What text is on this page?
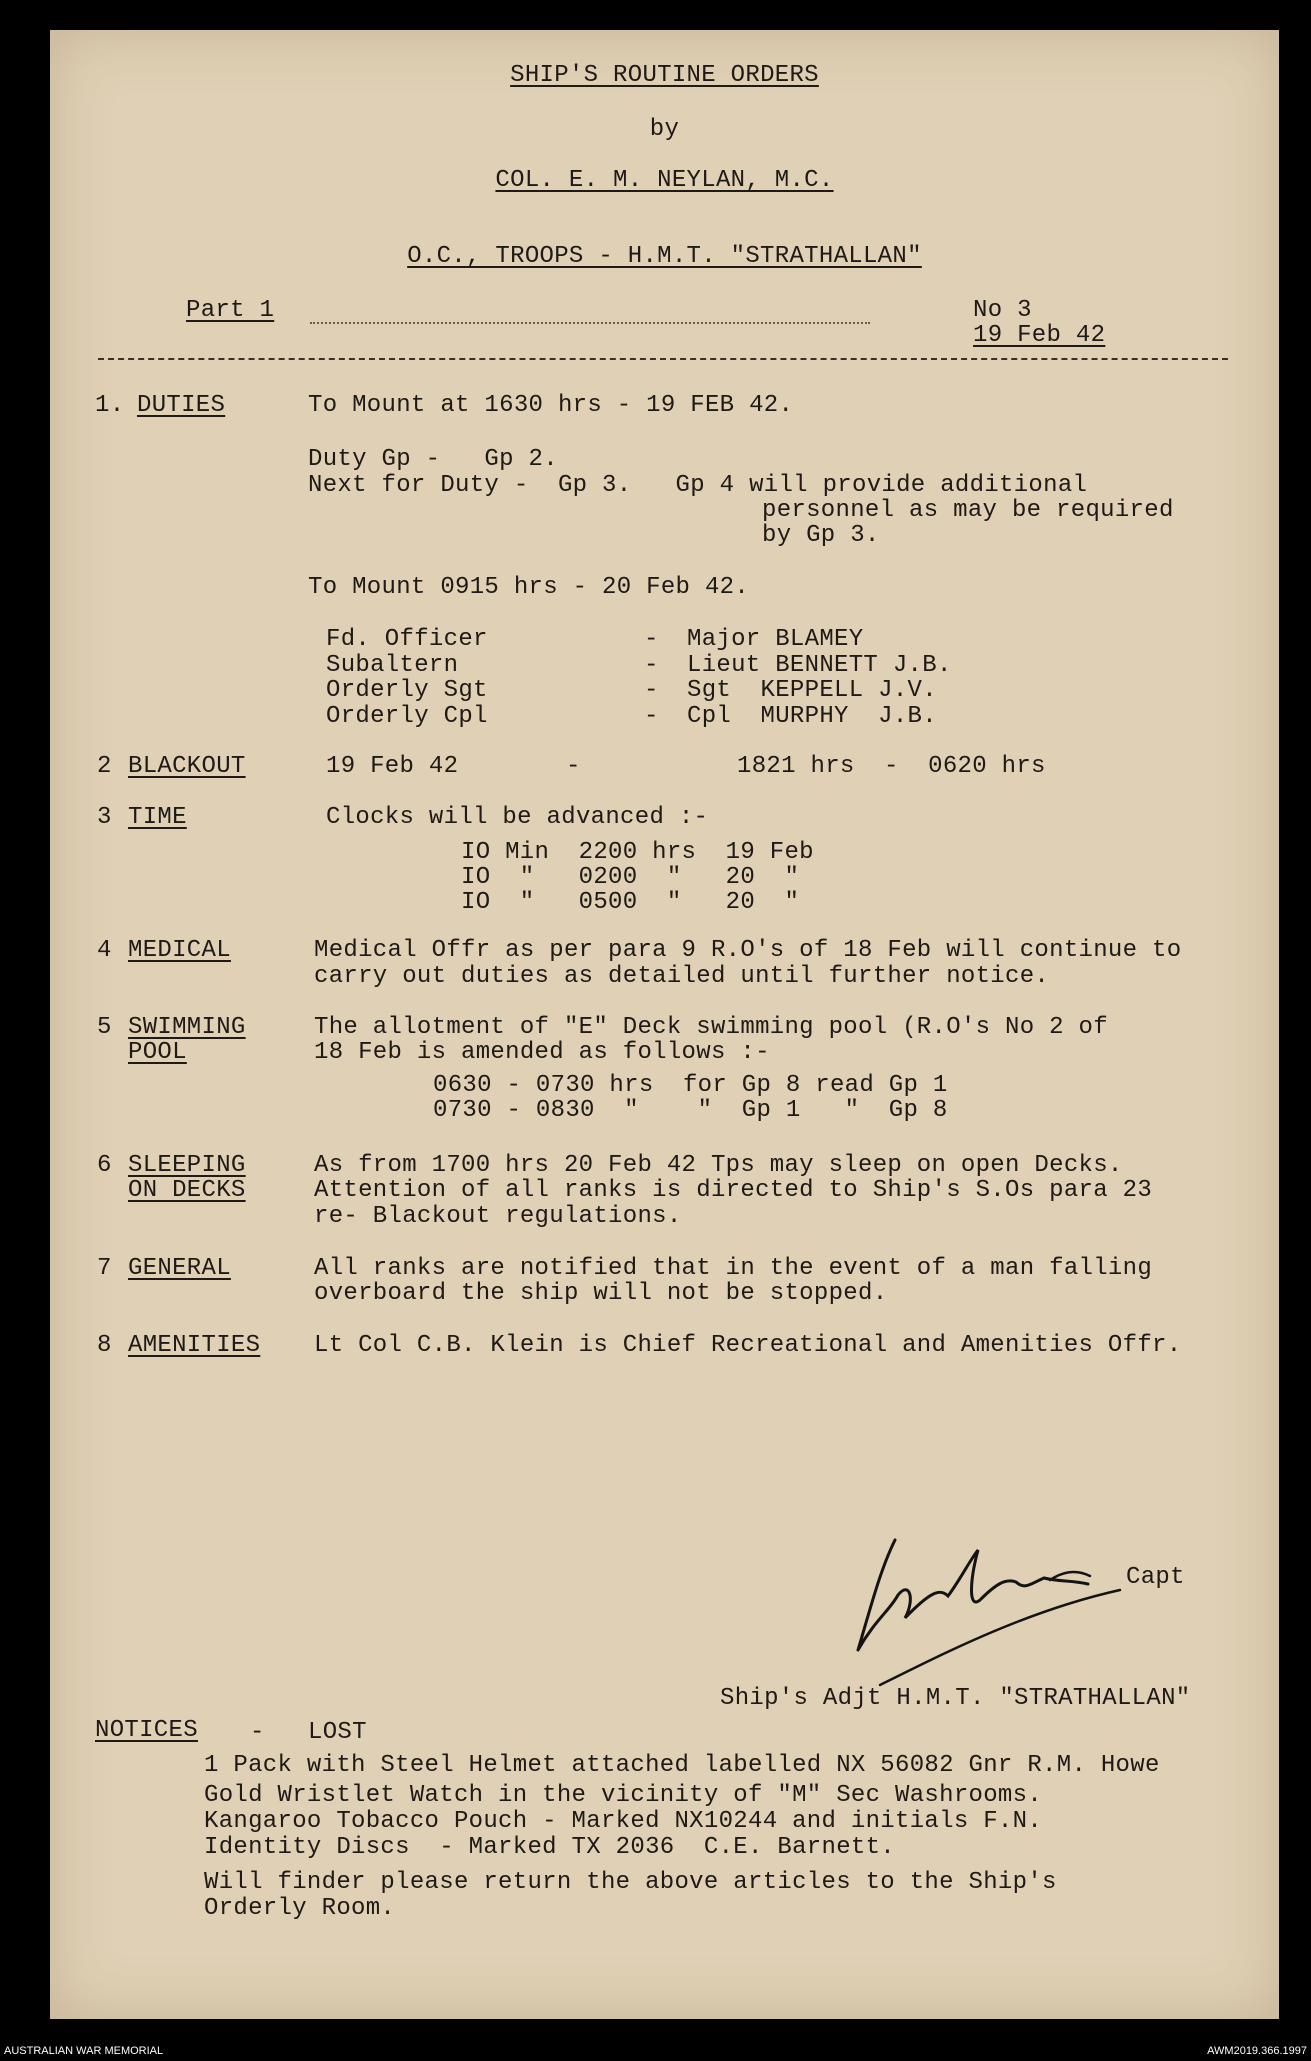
SHIP'S ROUTINE ORDERS
by
COL. E. M. NEYLAN, M.C.
O.C., TROOPS - H.M.T. "STRATHALLAN"
Part 1	No 3
19 Feb 42
1. DUTIES	To Mount at 1630 hrs - 19 FEB 42.
Duty Gp -   Gp 2.
Next for Duty -  Gp 3.   Gp 4 will provide additional
personnel as may be required
by Gp 3.
To Mount 0915 hrs - 20 Feb 42.
Fd. Officer	- Major BLAMEY
Subaltern	- Lieut BENNETT J.B.
Orderly Sgt	- Sgt  KEPPELL J.V.
Orderly Cpl	- Cpl  MURPHY  J.B.
2 BLACKOUT	19 Feb 42	-	1821 hrs  -  0620 hrs
3 TIME	Clocks will be advanced :-
IO Min  2200 hrs  19 Feb
IO  "   0200  "   20  "
IO  "   0500  "   20  "
4 MEDICAL	Medical Offr as per para 9 R.O's of 18 Feb will continue to
carry out duties as detailed until further notice.
5 SWIMMING
POOL
The allotment of "E" Deck swimming pool (R.O's No 2 of
18 Feb is amended as follows :-
0630 - 0730 hrs  for Gp 8 read Gp 1
0730 - 0830  "    "  Gp 1   "  Gp 8
6 SLEEPING
ON DECKS
As from 1700 hrs 20 Feb 42 Tps may sleep on open Decks.
Attention of all ranks is directed to Ship's S.Os para 23
re- Blackout regulations.
7 GENERAL	All ranks are notified that in the event of a man falling
overboard the ship will not be stopped.
8 AMENITIES Lt Col C.B. Klein is Chief Recreational and Amenities Offr.
Capt
Ship's Adjt H.M.T. "STRATHALLAN"
NOTICES - LOST
1 Pack with Steel Helmet attached labelled NX 56082 Gnr R.M. Howe
Gold Wristlet Watch in the vicinity of "M" Sec Washrooms.
Kangaroo Tobacco Pouch - Marked NX10244 and initials F.N.
Identity Discs  - Marked TX 2036  C.E. Barnett.
Will finder please return the above articles to the Ship's
Orderly Room.
AUSTRALIAN WAR MEMORIAL	AWM2019.366.1997
